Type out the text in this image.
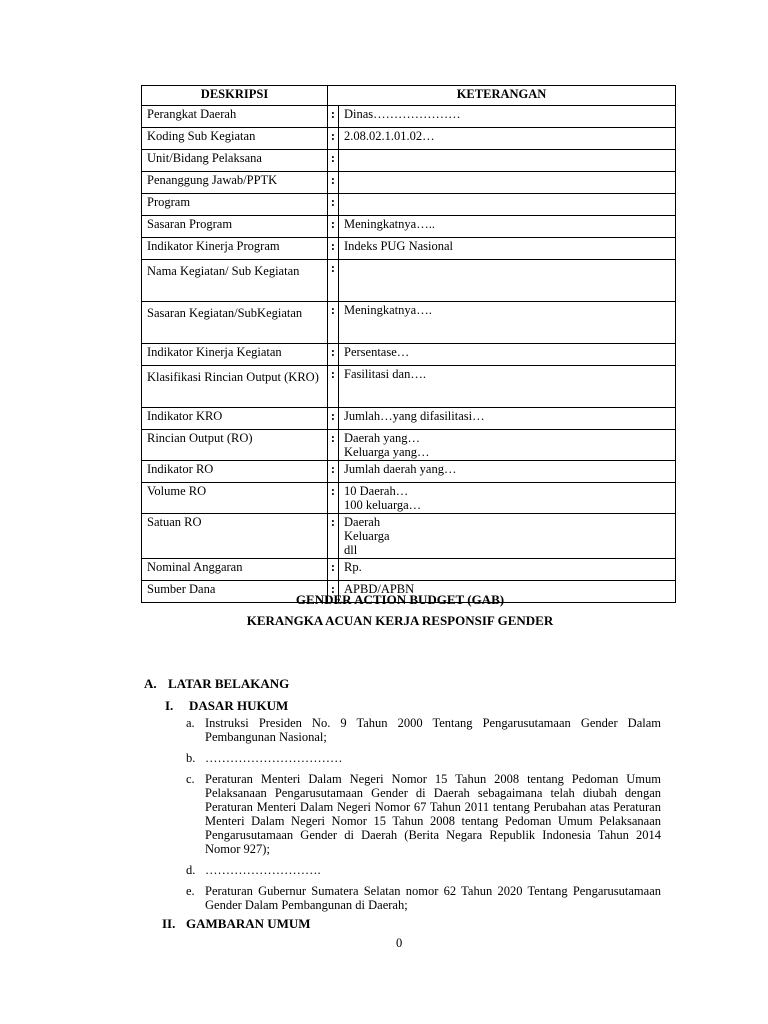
DESKRIPSI	KETERANGAN	
Perangkat Daerah	:	Dinas…………………

Koding Sub Kegiatan	:	2.08.02.1.01.02…

Unit/Bidang Pelaksana	:	
Penanggung Jawab/PPTK	:	
Program	:	
Sasaran Program	:	Meningkatnya…..

Indikator Kinerja Program	:	Indeks PUG Nasional

Nama Kegiatan/ Sub Kegiatan	:	
Sasaran Kegiatan/SubKegiatan	:	Meningkatnya….

Indikator Kinerja Kegiatan	:	Persentase…

Klasifikasi Rincian Output (KRO)	:	Fasilitasi dan….

Indikator KRO	:	Jumlah…yang difasilitasi…

Rincian Output (RO)	:	Daerah yang…
Keluarga yang…

Indikator RO	:	Jumlah daerah yang…

Volume RO	:	10 Daerah…
100 keluarga…

Satuan RO	:	Daerah
Keluarga
dll

Nominal Anggaran	:	Rp.

Sumber Dana	:	APBD/APBN
GENDER ACTION BUDGET (GAB)
KERANGKA ACUAN KERJA RESPONSIF GENDER
A. LATAR BELAKANG
I. DASAR HUKUM
a. Instruksi Presiden No. 9 Tahun 2000 Tentang Pengarusutamaan Gender Dalam Pembangunan Nasional;
b. ……………………………
c. Peraturan Menteri Dalam Negeri Nomor 15 Tahun 2008 tentang Pedoman Umum Pelaksanaan Pengarusutamaan Gender di Daerah sebagaimana telah diubah dengan Peraturan Menteri Dalam Negeri Nomor 67 Tahun 2011 tentang Perubahan atas Peraturan Menteri Dalam Negeri Nomor 15 Tahun 2008 tentang Pedoman Umum Pelaksanaan Pengarusutamaan Gender di Daerah (Berita Negara Republik Indonesia Tahun 2014 Nomor 927);
d. ……………………….
e. Peraturan Gubernur Sumatera Selatan nomor 62 Tahun 2020 Tentang Pengarusutamaan Gender Dalam Pembangunan di Daerah;
II. GAMBARAN UMUM
0
